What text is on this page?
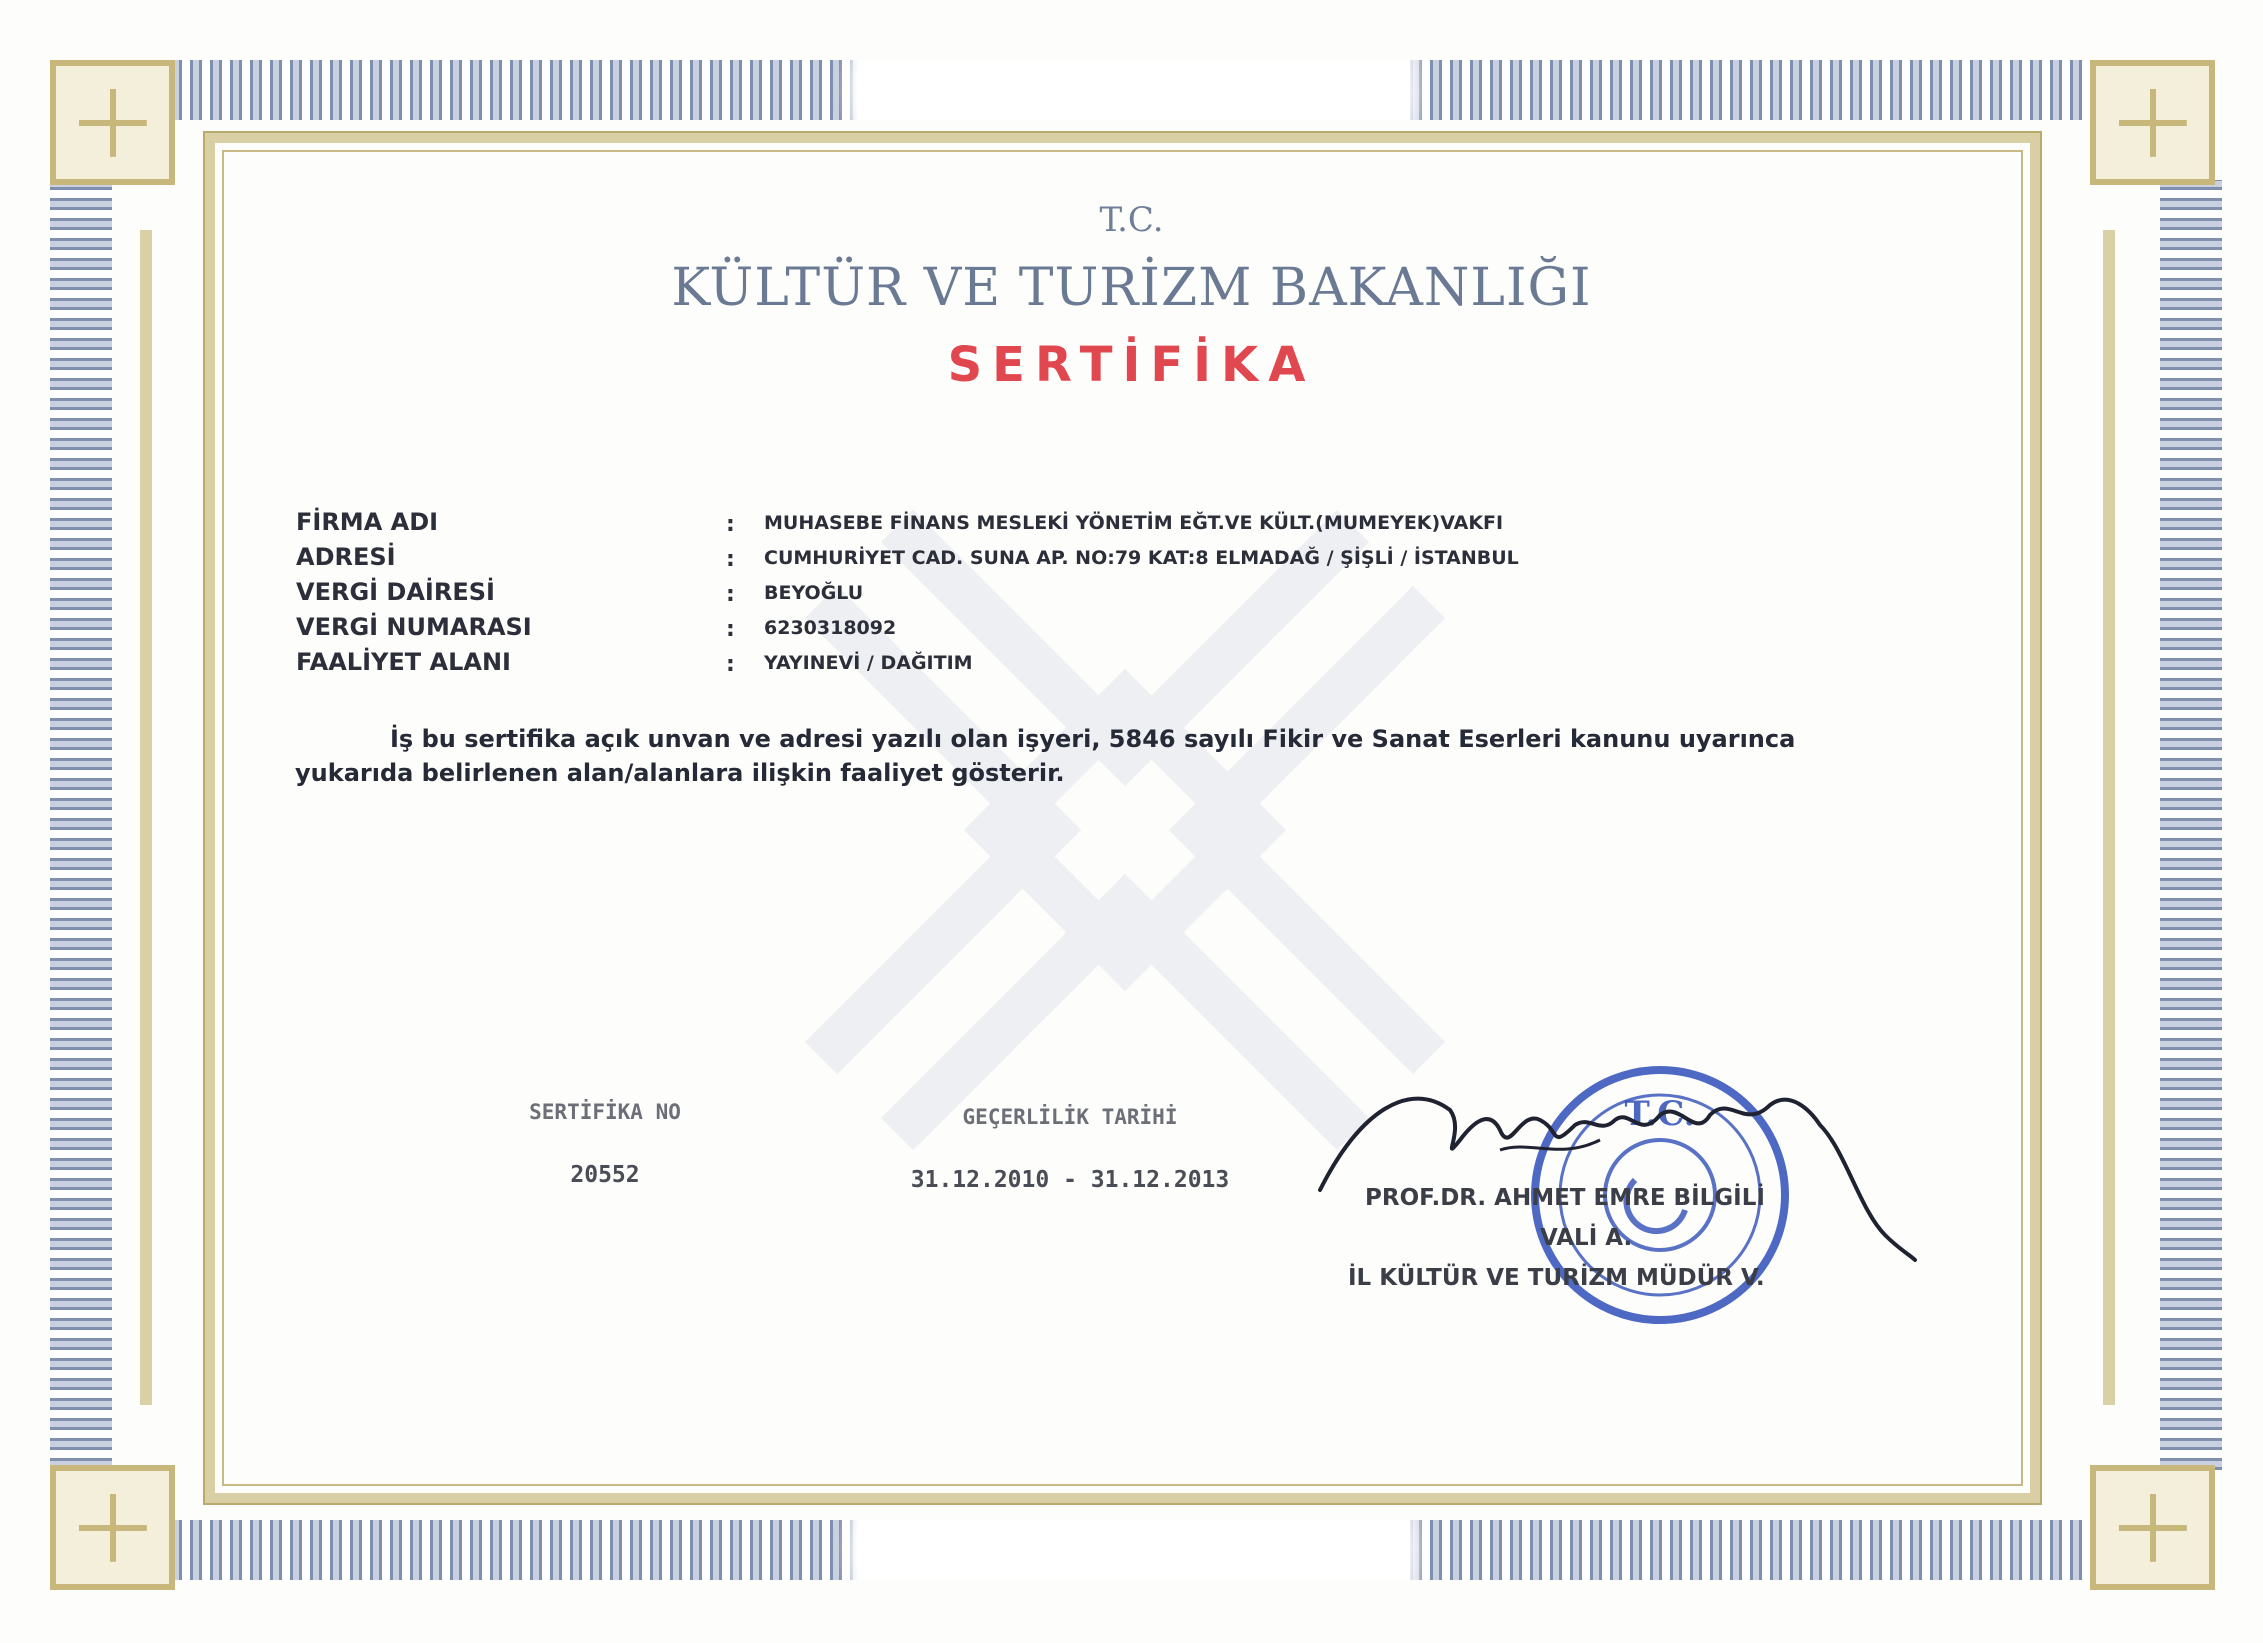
T.C.
KÜLTÜR VE TURİZM BAKANLIĞI
SERTİFİKA
FİRMA ADI	: MUHASEBE FİNANS MESLEKİ YÖNETİM EĞT.VE KÜLT.(MUMEYEK)VAKFI
ADRESİ	: CUMHURİYET CAD. SUNA AP. NO:79 KAT:8 ELMADAĞ / ŞİŞLİ / İSTANBUL
VERGİ DAİRESİ	: BEYOĞLU
VERGİ NUMARASI	: 6230318092
FAALİYET ALANI	: YAYINEVİ / DAĞITIM
İş bu sertifika açık unvan ve adresi yazılı olan işyeri, 5846 sayılı Fikir ve Sanat Eserleri kanunu uyarınca yukarıda belirlenen alan/alanlara ilişkin faaliyet gösterir.
SERTİFİKA NO
20552
GEÇERLİLİK TARİHİ
31.12.2010 - 31.12.2013
T.C.
PROF.DR. AHMET EMRE BİLGİLİ
VALİ A.
İL KÜLTÜR VE TURİZM MÜDÜR V.
